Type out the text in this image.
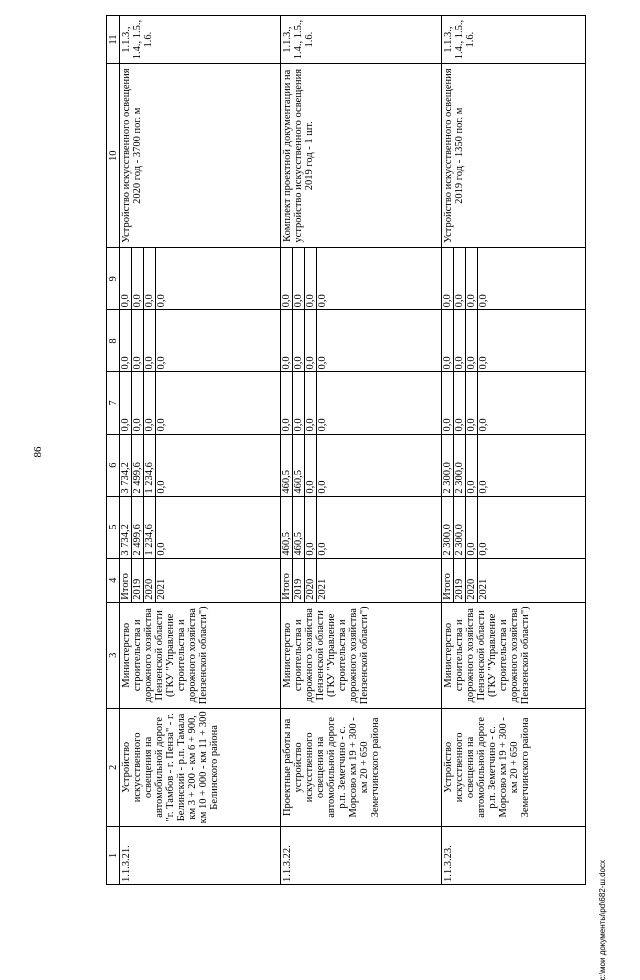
86
c:\мои документы\pd\682-ш.docx
1	2	3	4	5	6	7	8	9	10	11
1.1.3.21.	Устройство искусственного освещения на автомобильной дороге "г. Тамбов - г. Пенза" - г. Белинский - р.п. Тамала км 3 + 200 - км 6 + 900, км 10 + 000 - км 11 + 300 Белинского района	Министерство строительства и дорожного хозяйства Пензенской области (ГКУ "Управление строительства и дорожного хозяйства Пензенской области")	Итого 2019 2020 2021	3 734,2 2 499,6 1 234,6 0,0	3 734,2 2 499,6 1 234,6 0,0	0,0 0,0 0,0 0,0	0,0 0,0 0,0 0,0	0,0 0,0 0,0 0,0	Устройство искусственного освещения 2020 год - 3700 пог. м	1.1.3., 1.4., 1.5., 1.6.
1.1.3.22.	Проектные работы на устройство искусственного освещения на автомобильной дороге р.п. Земетчино - с. Морсово км 19 + 300 - км 20 + 650 Земетчинского района	Министерство строительства и дорожного хозяйства Пензенской области (ГКУ "Управление строительства и дорожного хозяйства Пензенской области")	Итого 2019 2020 2021	460,5 460,5 0,0 0,0	460,5 460,5 0,0 0,0	0,0 0,0 0,0 0,0	0,0 0,0 0,0 0,0	0,0 0,0 0,0 0,0	Комплект проектной документации на устройство искусственного освещения 2019 год - 1 шт.	1.1.3., 1.4., 1.5., 1.6.
1.1.3.23.	Устройство искусственного освещения на автомобильной дороге р.п. Земетчино - с. Морсово км 19 + 300 - км 20 + 650 Земетчинского района	Министерство строительства и дорожного хозяйства Пензенской области (ГКУ "Управление строительства и дорожного хозяйства Пензенской области")	Итого 2019 2020 2021	2 300,0 2 300,0 0,0 0,0	2 300,0 2 300,0 0,0 0,0	0,0 0,0 0,0 0,0	0,0 0,0 0,0 0,0	0,0 0,0 0,0 0,0	Устройство искусственного освещения 2019 год - 1350 пог. м	1.1.3., 1.4., 1.5., 1.6.
